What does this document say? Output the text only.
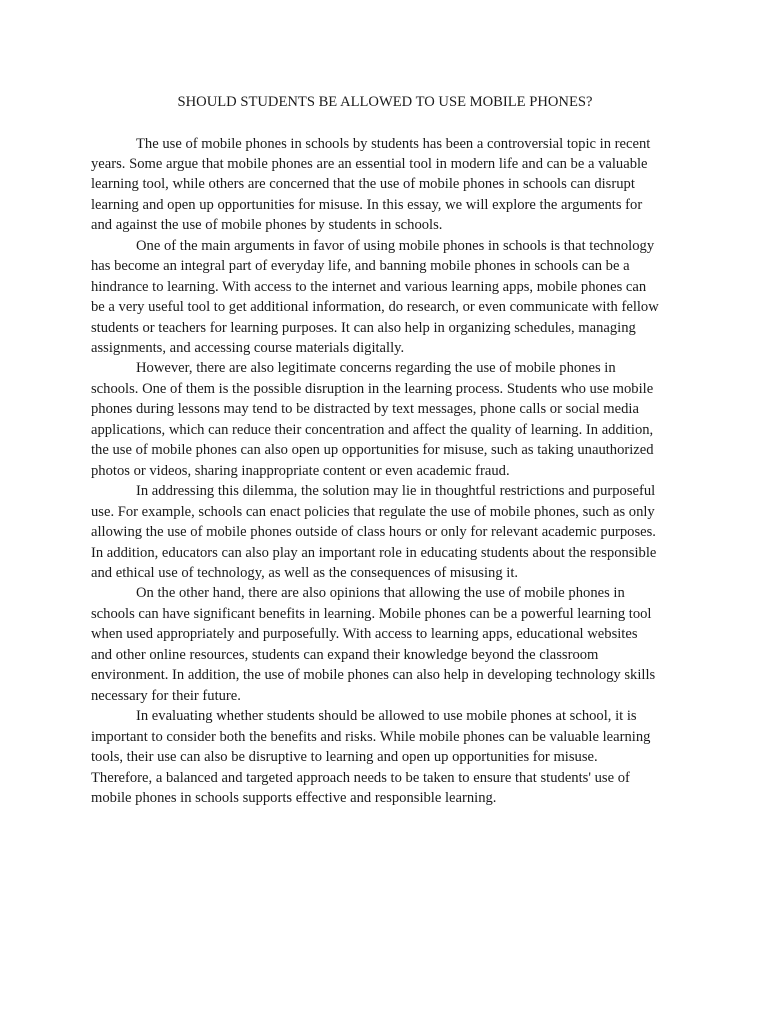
SHOULD STUDENTS BE ALLOWED TO USE MOBILE PHONES?

The use of mobile phones in schools by students has been a controversial topic in recent
years. Some argue that mobile phones are an essential tool in modern life and can be a valuable
learning tool, while others are concerned that the use of mobile phones in schools can disrupt
learning and open up opportunities for misuse. In this essay, we will explore the arguments for
and against the use of mobile phones by students in schools.

One of the main arguments in favor of using mobile phones in schools is that technology
has become an integral part of everyday life, and banning mobile phones in schools can be a
hindrance to learning. With access to the internet and various learning apps, mobile phones can
be a very useful tool to get additional information, do research, or even communicate with fellow
students or teachers for learning purposes. It can also help in organizing schedules, managing
assignments, and accessing course materials digitally.

However, there are also legitimate concerns regarding the use of mobile phones in
schools. One of them is the possible disruption in the learning process. Students who use mobile
phones during lessons may tend to be distracted by text messages, phone calls or social media
applications, which can reduce their concentration and affect the quality of learning. In addition,
the use of mobile phones can also open up opportunities for misuse, such as taking unauthorized
photos or videos, sharing inappropriate content or even academic fraud.

In addressing this dilemma, the solution may lie in thoughtful restrictions and purposeful
use. For example, schools can enact policies that regulate the use of mobile phones, such as only
allowing the use of mobile phones outside of class hours or only for relevant academic purposes.
In addition, educators can also play an important role in educating students about the responsible
and ethical use of technology, as well as the consequences of misusing it.

On the other hand, there are also opinions that allowing the use of mobile phones in
schools can have significant benefits in learning. Mobile phones can be a powerful learning tool
when used appropriately and purposefully. With access to learning apps, educational websites
and other online resources, students can expand their knowledge beyond the classroom
environment. In addition, the use of mobile phones can also help in developing technology skills
necessary for their future.

In evaluating whether students should be allowed to use mobile phones at school, it is
important to consider both the benefits and risks. While mobile phones can be valuable learning
tools, their use can also be disruptive to learning and open up opportunities for misuse.
Therefore, a balanced and targeted approach needs to be taken to ensure that students' use of
mobile phones in schools supports effective and responsible learning.
